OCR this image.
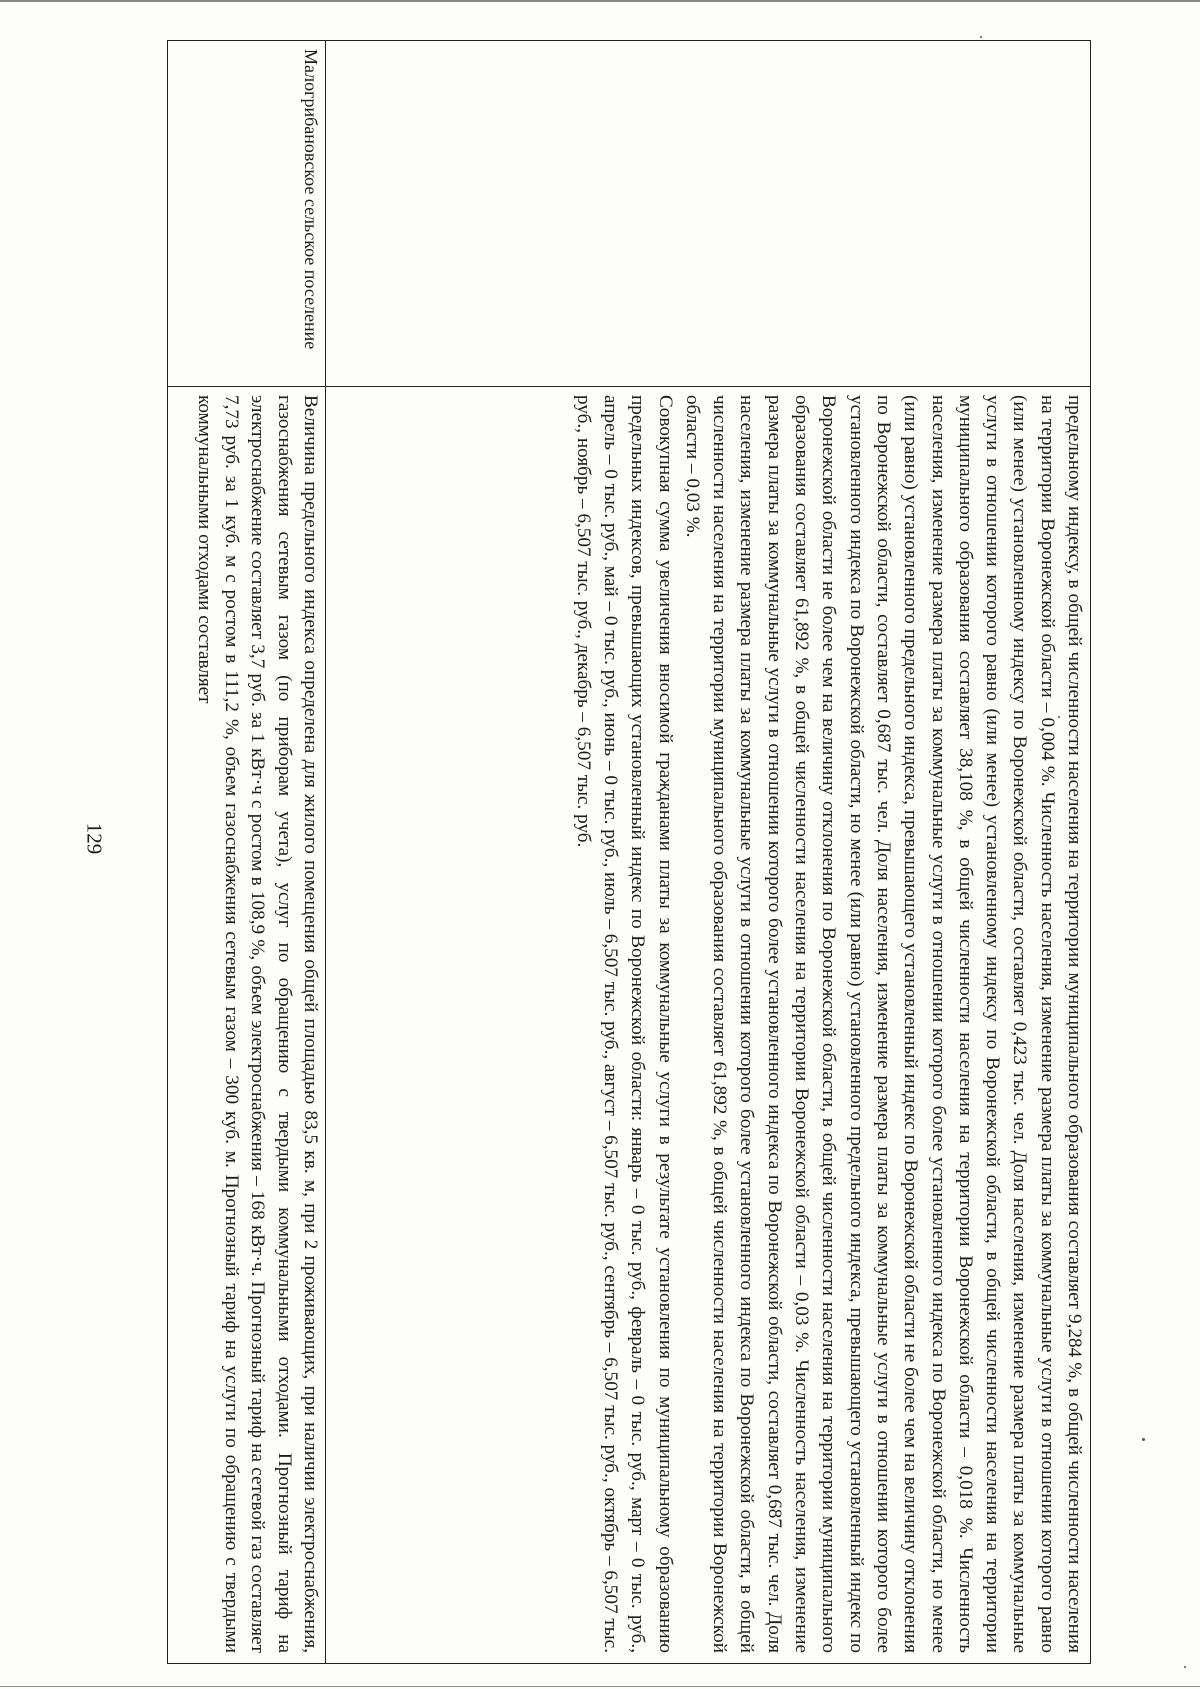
129	предельному индексу, в общей численности населения на территории муниципального образования составляет 9,284 %, в общей численности населения на территории Воронежской области – 0,004 %. Численность населения, изменение размера платы за коммунальные услуги в отношении которого равно (или менее) установленному индексу по Воронежской области, составляет 0,423 тыс. чел. Доля населения, изменение размера платы за коммунальные услуги в отношении которого равно (или менее) установленному индексу по Воронежской области, в общей численности населения на территории муниципального образования составляет 38,108 %, в общей численности населения на территории Воронежской области – 0,018 %. Численность населения, изменение размера платы за коммунальные услуги в отношении которого более установленного индекса по Воронежской области, но менее (или равно) установленного предельного индекса, превышающего установленный индекс по Воронежской области не более чем на величину отклонения по Воронежской области, составляет 0,687 тыс. чел. Доля населения, изменение размера платы за коммунальные услуги в отношении которого более установленного индекса по Воронежской области, но менее (или равно) установленного предельного индекса, превышающего установленный индекс по Воронежской области не более чем на величину отклонения по Воронежской области, в общей численности населения на территории муниципального образования составляет 61,892 %, в общей численности населения на территории Воронежской области – 0,03 %. Численность населения, изменение размера платы за коммунальные услуги в отношении которого более установленного индекса по Воронежской области, составляет 0,687 тыс. чел. Доля населения, изменение размера платы за коммунальные услуги в отношении которого более установленного индекса по Воронежской области, в общей численности населения на территории муниципального образования составляет 61,892 %, в общей численности населения на территории Воронежской области – 0,03 %.

Совокупная сумма увеличения вносимой гражданами платы за коммунальные услуги в результате установления по муниципальному образованию предельных индексов, превышающих установленный индекс по Воронежской области: январь – 0 тыс. руб., февраль – 0 тыс. руб., март – 0 тыс. руб., апрель – 0 тыс. руб., май – 0 тыс. руб., июнь – 0 тыс. руб., июль – 6,507 тыс. руб., август – 6,507 тыс. руб., сентябрь – 6,507 тыс. руб., октябрь – 6,507 тыс. руб., ноябрь – 6,507 тыс. руб., декабрь – 6,507 тыс. руб.

Малогрибановское сельское поселение

Величина предельного индекса определена для жилого помещения общей площадью 83,5 кв. м, при 2 проживающих, при наличии электроснабжения, газоснабжения сетевым газом (по приборам учета), услуг по обращению с твердыми коммунальными отходами. Прогнозный тариф на электроснабжение составляет 3,7 руб. за 1 кВт·ч с ростом в 108,9 %, объем электроснабжения – 168 кВт·ч. Прогнозный тариф на сетевой газ составляет 7,73 руб. за 1 куб. м с ростом в 111,2 %, объем газоснабжения сетевым газом – 300 куб. м. Прогнозный тариф на услуги по обращению с твердыми коммунальными отходами составляет
